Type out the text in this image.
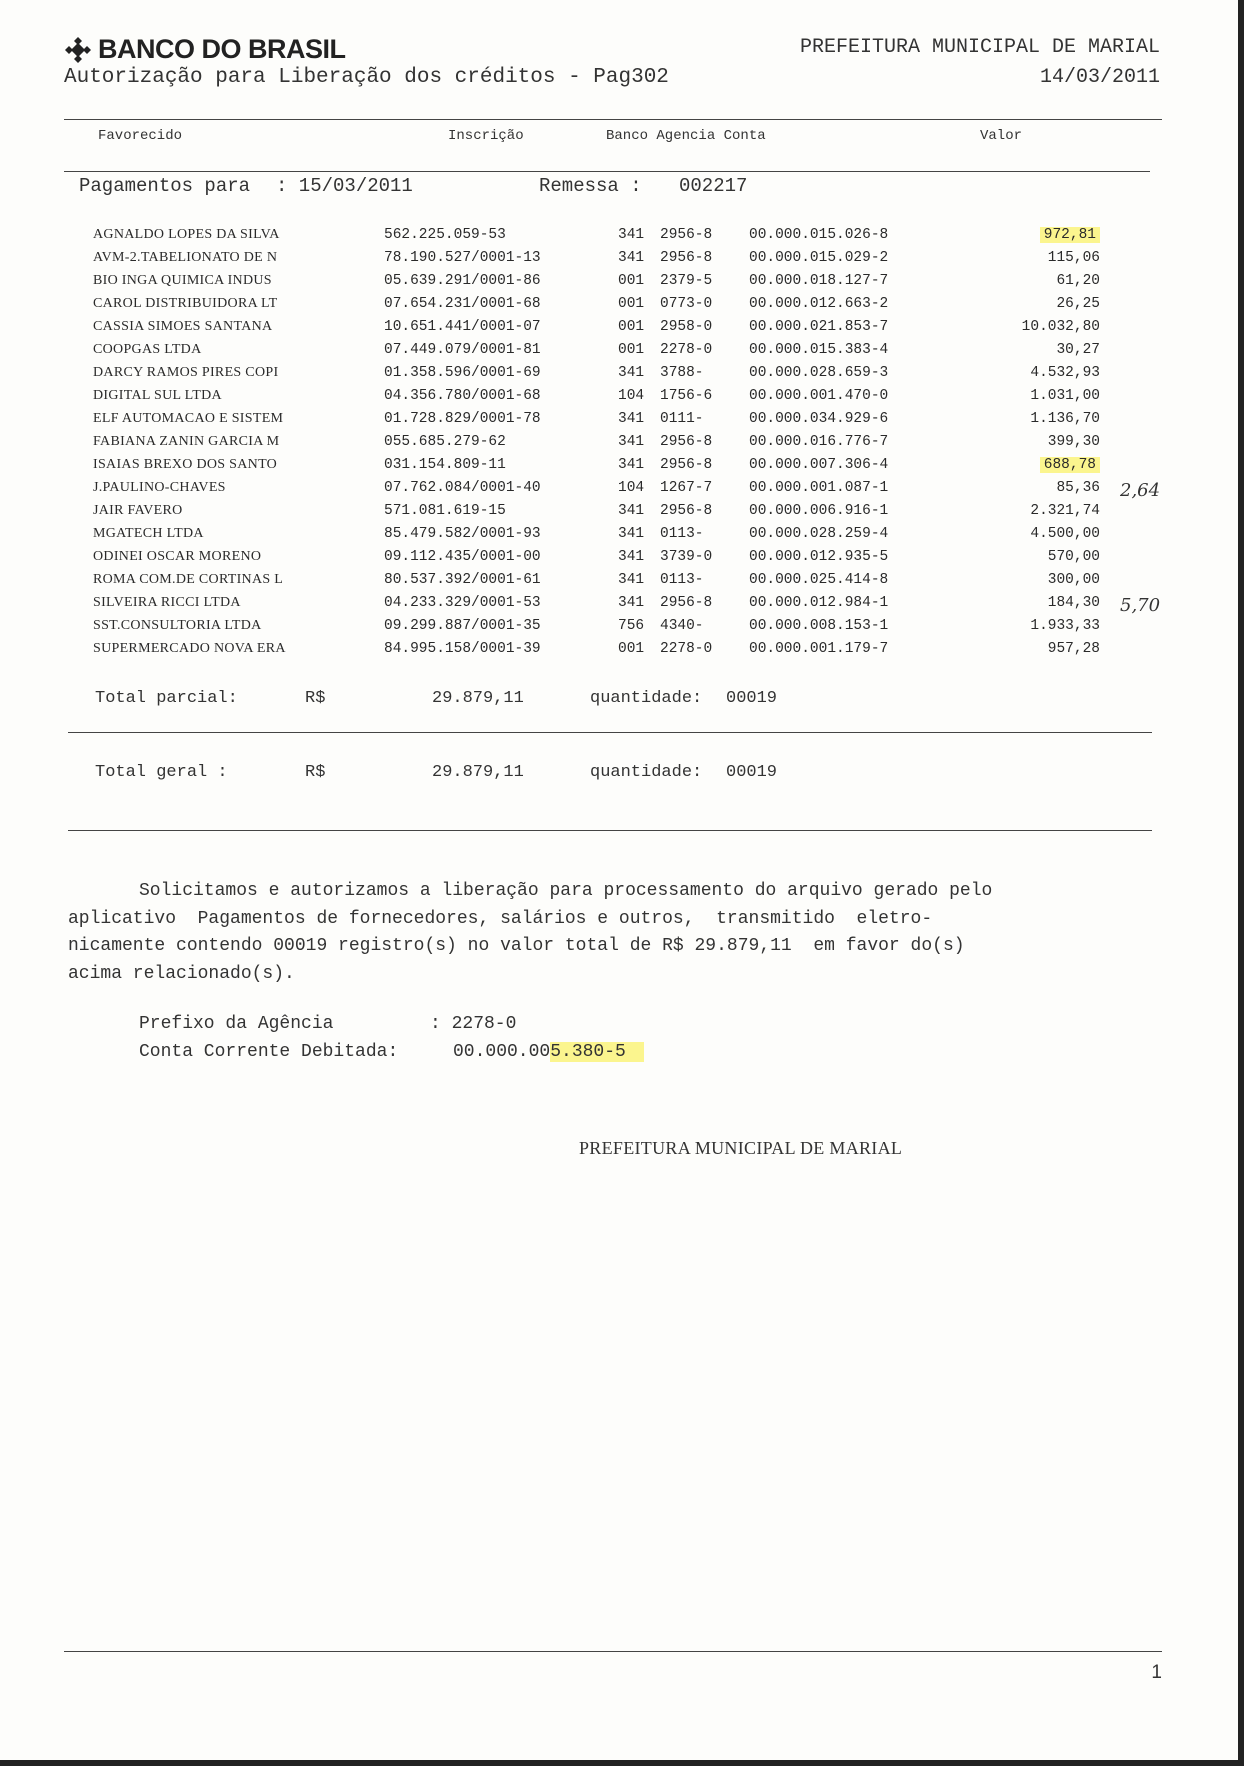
BANCO DO BRASIL
Autorização para Liberação dos créditos - Pag302
PREFEITURA MUNICIPAL DE MARIAL
14/03/2011
Favorecido	Inscrição	Banco Agencia Conta	Valor
Pagamentos para : 15/03/2011	Remessa : 002217
AGNALDO LOPES DA SILVA	562.225.059-53	341 2956-8	00.000.015.026-8	972,81
AVM-2.TABELIONATO DE N	78.190.527/0001-13	341 2956-8	00.000.015.029-2	115,06
BIO INGA QUIMICA INDUS	05.639.291/0001-86	001 2379-5	00.000.018.127-7	61,20
CAROL DISTRIBUIDORA LT	07.654.231/0001-68	001 0773-0	00.000.012.663-2	26,25
CASSIA SIMOES SANTANA	10.651.441/0001-07	001 2958-0	00.000.021.853-7	10.032,80
COOPGAS LTDA	07.449.079/0001-81	001 2278-0	00.000.015.383-4	30,27
DARCY RAMOS PIRES COPI	01.358.596/0001-69	341 3788-	00.000.028.659-3	4.532,93
DIGITAL SUL LTDA	04.356.780/0001-68	104 1756-6	00.000.001.470-0	1.031,00
ELF AUTOMACAO E SISTEM	01.728.829/0001-78	341 0111-	00.000.034.929-6	1.136,70
FABIANA ZANIN GARCIA M	055.685.279-62	341 2956-8	00.000.016.776-7	399,30
ISAIAS BREXO DOS SANTO	031.154.809-11	341 2956-8	00.000.007.306-4	688,78
J.PAULINO-CHAVES	07.762.084/0001-40	104 1267-7	00.000.001.087-1	85,36 2,64
JAIR FAVERO	571.081.619-15	341 2956-8	00.000.006.916-1	2.321,74
MGATECH LTDA	85.479.582/0001-93	341 0113-	00.000.028.259-4	4.500,00
ODINEI OSCAR MORENO	09.112.435/0001-00	341 3739-0	00.000.012.935-5	570,00
ROMA COM.DE CORTINAS L	80.537.392/0001-61	341 0113-	00.000.025.414-8	300,00
SILVEIRA RICCI LTDA	04.233.329/0001-53	341 2956-8	00.000.012.984-1	184,30 5,70
SST.CONSULTORIA LTDA	09.299.887/0001-35	756 4340-	00.000.008.153-1	1.933,33
SUPERMERCADO NOVA ERA	84.995.158/0001-39	001 2278-0	00.000.001.179-7	957,28
Total parcial:	R$	29.879,11	quantidade: 00019
Total geral :	R$	29.879,11	quantidade: 00019
Solicitamos e autorizamos a liberação para processamento do arquivo gerado pelo
aplicativo  Pagamentos de fornecedores, salários e outros,  transmitido  eletro-
nicamente contendo 00019 registro(s) no valor total de R$ 29.879,11  em favor do(s)
acima relacionado(s).
Prefixo da Agência	: 2278-0
Conta Corrente Debitada:	00.000.005.380-5
PREFEITURA MUNICIPAL DE MARIAL
1
